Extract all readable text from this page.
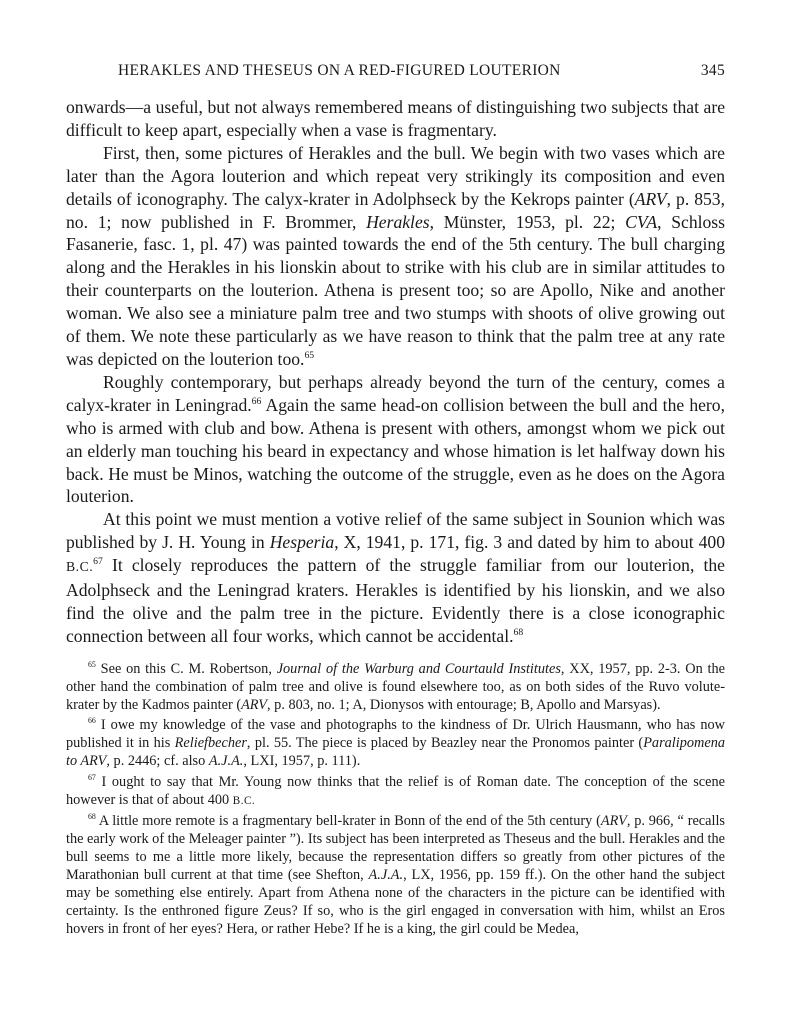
HERAKLES AND THESEUS ON A RED-FIGURED LOUTERION	345

onwards—a useful, but not always remembered means of distinguishing two subjects that are difficult to keep apart, especially when a vase is fragmentary.

First, then, some pictures of Herakles and the bull. We begin with two vases which are later than the Agora louterion and which repeat very strikingly its composition and even details of iconography. The calyx-krater in Adolphseck by the Kekrops painter (ARV, p. 853, no. 1; now published in F. Brommer, Herakles, Münster, 1953, pl. 22; CVA, Schloss Fasanerie, fasc. 1, pl. 47) was painted towards the end of the 5th century. The bull charging along and the Herakles in his lionskin about to strike with his club are in similar attitudes to their counterparts on the louterion. Athena is present too; so are Apollo, Nike and another woman. We also see a miniature palm tree and two stumps with shoots of olive growing out of them. We note these particularly as we have reason to think that the palm tree at any rate was depicted on the louterion too.$^{65}$

Roughly contemporary, but perhaps already beyond the turn of the century, comes a calyx-krater in Leningrad.$^{66}$ Again the same head-on collision between the bull and the hero, who is armed with club and bow. Athena is present with others, amongst whom we pick out an elderly man touching his beard in expectancy and whose himation is let halfway down his back. He must be Minos, watching the outcome of the struggle, even as he does on the Agora louterion.

At this point we must mention a votive relief of the same subject in Sounion which was published by J. H. Young in Hesperia, X, 1941, p. 171, fig. 3 and dated by him to about 400 B.C.$^{67}$ It closely reproduces the pattern of the struggle familiar from our louterion, the Adolphseck and the Leningrad kraters. Herakles is identified by his lionskin, and we also find the olive and the palm tree in the picture. Evidently there is a close iconographic connection between all four works, which cannot be accidental.$^{68}$

$^{65}$ See on this C. M. Robertson, Journal of the Warburg and Courtauld Institutes, XX, 1957, pp. 2-3. On the other hand the combination of palm tree and olive is found elsewhere too, as on both sides of the Ruvo volute-krater by the Kadmos painter (ARV, p. 803, no. 1; A, Dionysos with entourage; B, Apollo and Marsyas).

$^{66}$ I owe my knowledge of the vase and photographs to the kindness of Dr. Ulrich Hausmann, who has now published it in his Reliefbecher, pl. 55. The piece is placed by Beazley near the Pronomos painter (Paralipomena to ARV, p. 2446; cf. also A.J.A., LXI, 1957, p. 111).

$^{67}$ I ought to say that Mr. Young now thinks that the relief is of Roman date. The conception of the scene however is that of about 400 B.C.

$^{68}$ A little more remote is a fragmentary bell-krater in Bonn of the end of the 5th century (ARV, p. 966, “ recalls the early work of the Meleager painter ”). Its subject has been interpreted as Theseus and the bull. Herakles and the bull seems to me a little more likely, because the representation differs so greatly from other pictures of the Marathonian bull current at that time (see Shefton, A.J.A., LX, 1956, pp. 159 ff.). On the other hand the subject may be something else entirely. Apart from Athena none of the characters in the picture can be identified with certainty. Is the enthroned figure Zeus? If so, who is the girl engaged in conversation with him, whilst an Eros hovers in front of her eyes? Hera, or rather Hebe? If he is a king, the girl could be Medea,
